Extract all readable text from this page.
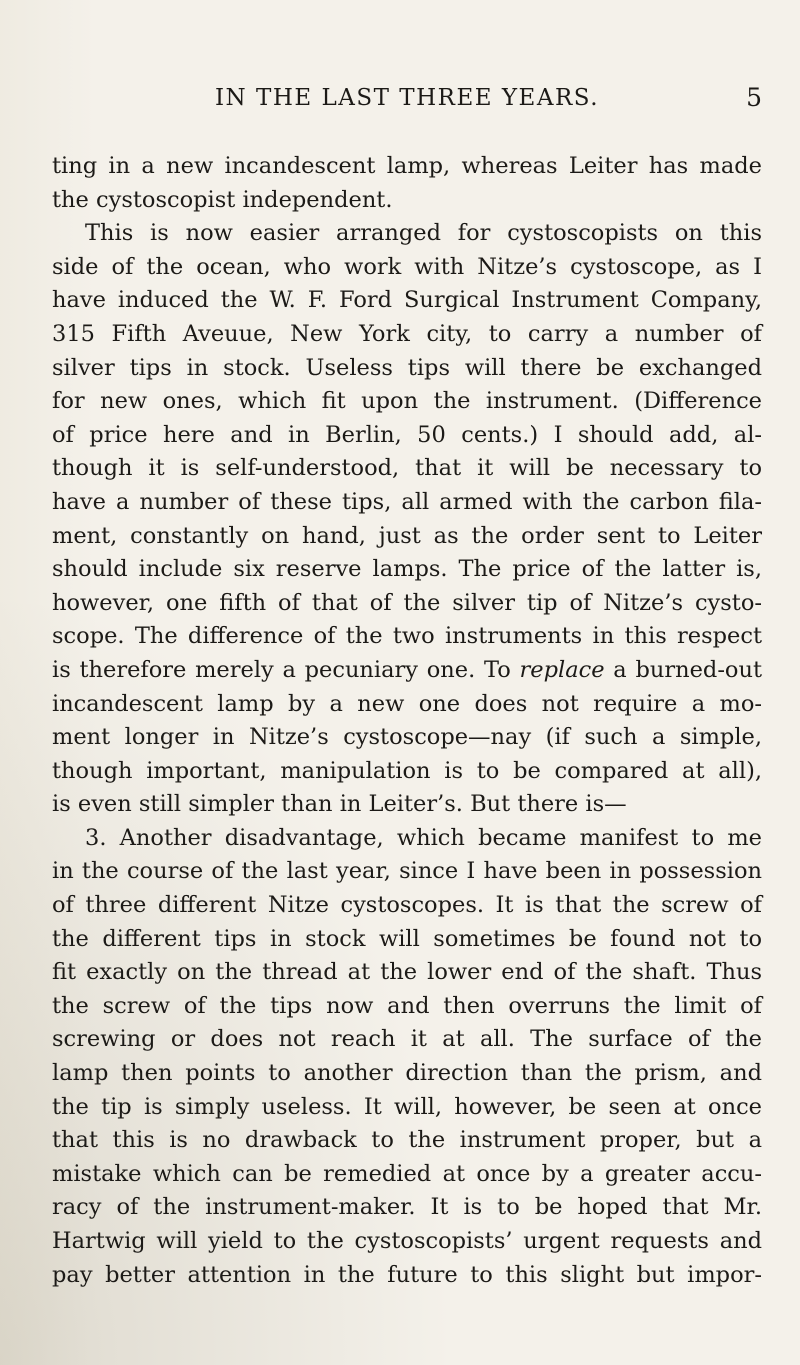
IN THE LAST THREE YEARS.	5
ting in a new incandescent lamp, whereas Leiter has made
the cystoscopist independent.
This is now easier arranged for cystoscopists on this
side of the ocean, who work with Nitze’s cystoscope, as I
have induced the W. F. Ford Surgical Instrument Company,
315 Fifth Aveuue, New York city, to carry a number of
silver tips in stock. Useless tips will there be exchanged
for new ones, which fit upon the instrument. (Difference
of price here and in Berlin, 50 cents.) I should add, al-
though it is self-understood, that it will be necessary to
have a number of these tips, all armed with the carbon fila-
ment, constantly on hand, just as the order sent to Leiter
should include six reserve lamps. The price of the latter is,
however, one fifth of that of the silver tip of Nitze’s cysto-
scope. The difference of the two instruments in this respect
is therefore merely a pecuniary one. To replace a burned-out
incandescent lamp by a new one does not require a mo-
ment longer in Nitze’s cystoscope—nay (if such a simple,
though important, manipulation is to be compared at all),
is even still simpler than in Leiter’s. But there is—
3. Another disadvantage, which became manifest to me
in the course of the last year, since I have been in possession
of three different Nitze cystoscopes. It is that the screw of
the different tips in stock will sometimes be found not to
fit exactly on the thread at the lower end of the shaft. Thus
the screw of the tips now and then overruns the limit of
screwing or does not reach it at all. The surface of the
lamp then points to another direction than the prism, and
the tip is simply useless. It will, however, be seen at once
that this is no drawback to the instrument proper, but a
mistake which can be remedied at once by a greater accu-
racy of the instrument-maker. It is to be hoped that Mr.
Hartwig will yield to the cystoscopists’ urgent requests and
pay better attention in the future to this slight but impor-
